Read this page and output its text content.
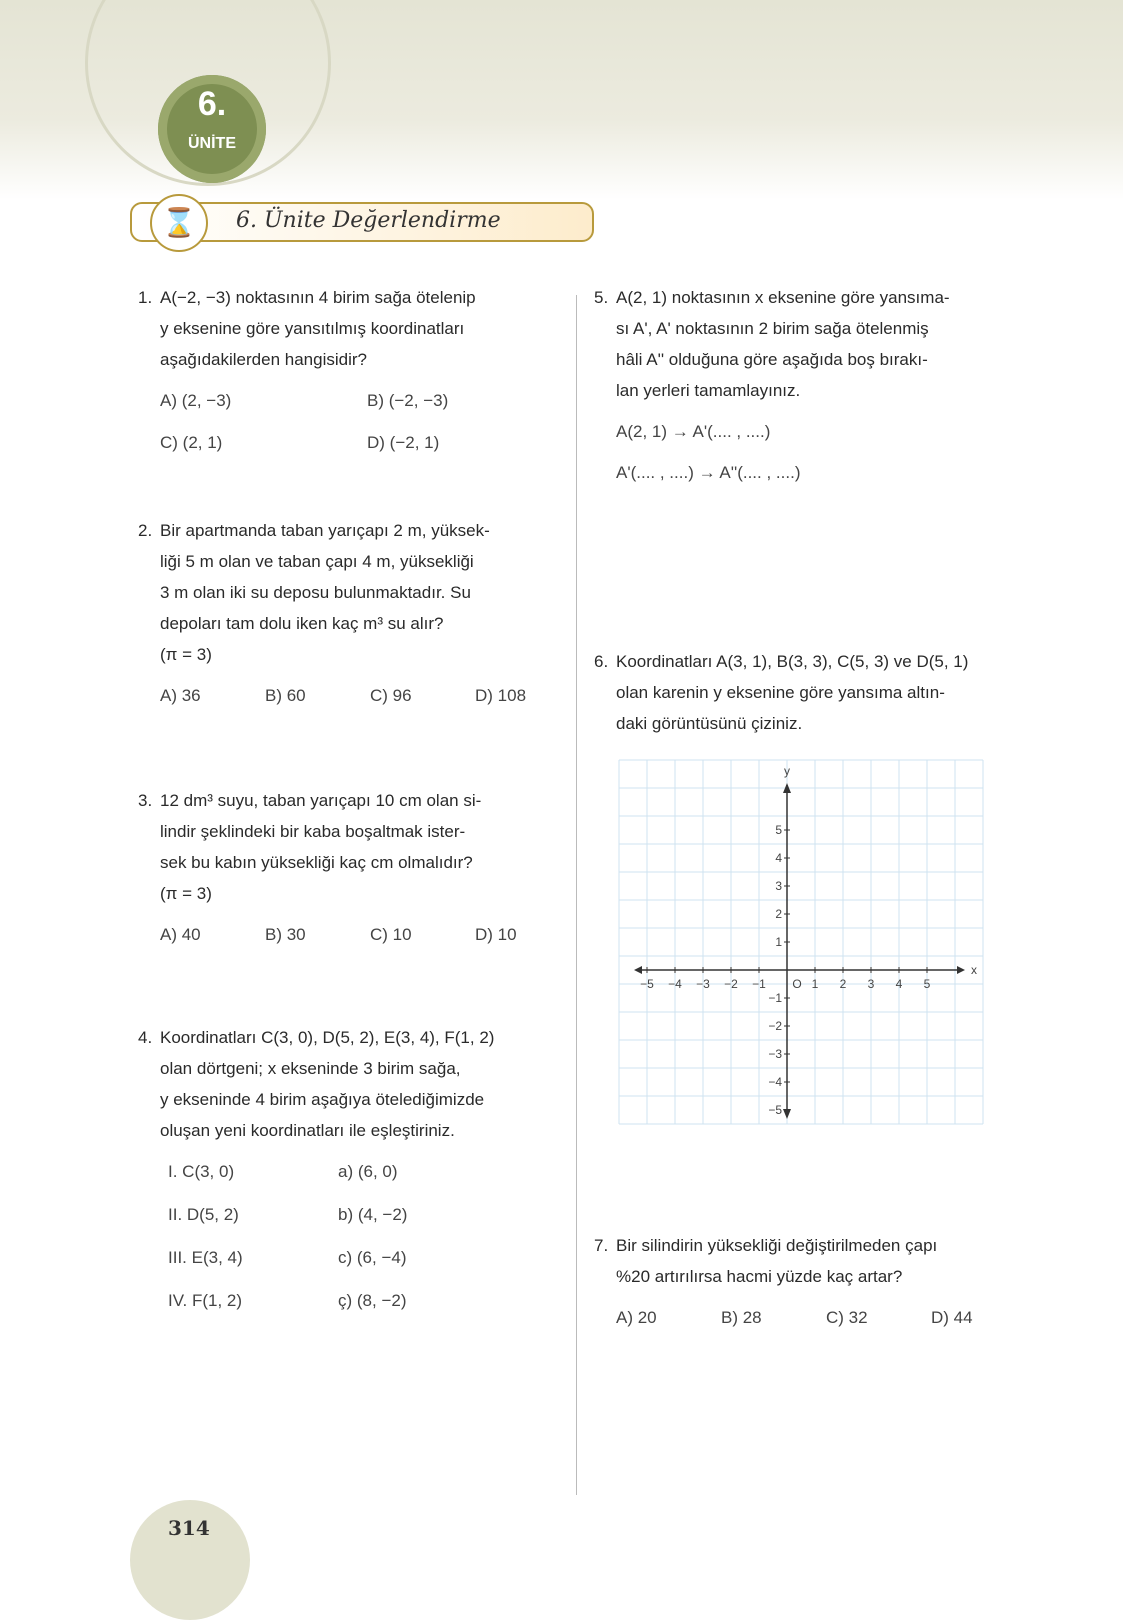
6.
ÜNİTE
⌛	6. Ünite Değerlendirme
1. A(−2, −3) noktasının 4 birim sağa ötelenip
y eksenine göre yansıtılmış koordinatları
aşağıdakilerden hangisidir?
A) (2, −3)	B) (−2, −3)
C) (2, 1)	D) (−2, 1)
2. Bir apartmanda taban yarıçapı 2 m, yüksek-
liği 5 m olan ve taban çapı 4 m, yüksekliği
3 m olan iki su deposu bulunmaktadır. Su
depoları tam dolu iken kaç m³ su alır?
(π = 3)
A) 36	B) 60	C) 96	D) 108
3. 12 dm³ suyu, taban yarıçapı 10 cm olan si-
lindir şeklindeki bir kaba boşaltmak ister-
sek bu kabın yüksekliği kaç cm olmalıdır?
(π = 3)
A) 40	B) 30	C) 10	D) 10
4. Koordinatları C(3, 0), D(5, 2), E(3, 4), F(1, 2)
olan dörtgeni; x ekseninde 3 birim sağa,
y ekseninde 4 birim aşağıya ötelediğimizde
oluşan yeni koordinatları ile eşleştiriniz.
I. C(3, 0)	a) (6, 0)
II. D(5, 2)	b) (4, −2)
III. E(3, 4)	c) (6, −4)
IV. F(1, 2)	ç) (8, −2)
5. A(2, 1) noktasının x eksenine göre yansıma-
sı A', A' noktasının 2 birim sağa ötelenmiş
hâli A'' olduğuna göre aşağıda boş bırakı-
lan yerleri tamamlayınız.
A(2, 1) → A'(.... , ....)
A'(.... , ....) → A''(.... , ....)
6. Koordinatları A(3, 1), B(3, 3), C(5, 3) ve D(5, 1)
olan karenin y eksenine göre yansıma altın-
daki görüntüsünü çiziniz.
7. Bir silindirin yüksekliği değiştirilmeden çapı
%20 artırılırsa hacmi yüzde kaç artar?
A) 20	B) 28	C) 32	D) 44
−5 −4 −3 −2 −1	1 2 3 4 5
5
4
3
2
1
−1
−2
−3
−4
−5
O
x
y
314
